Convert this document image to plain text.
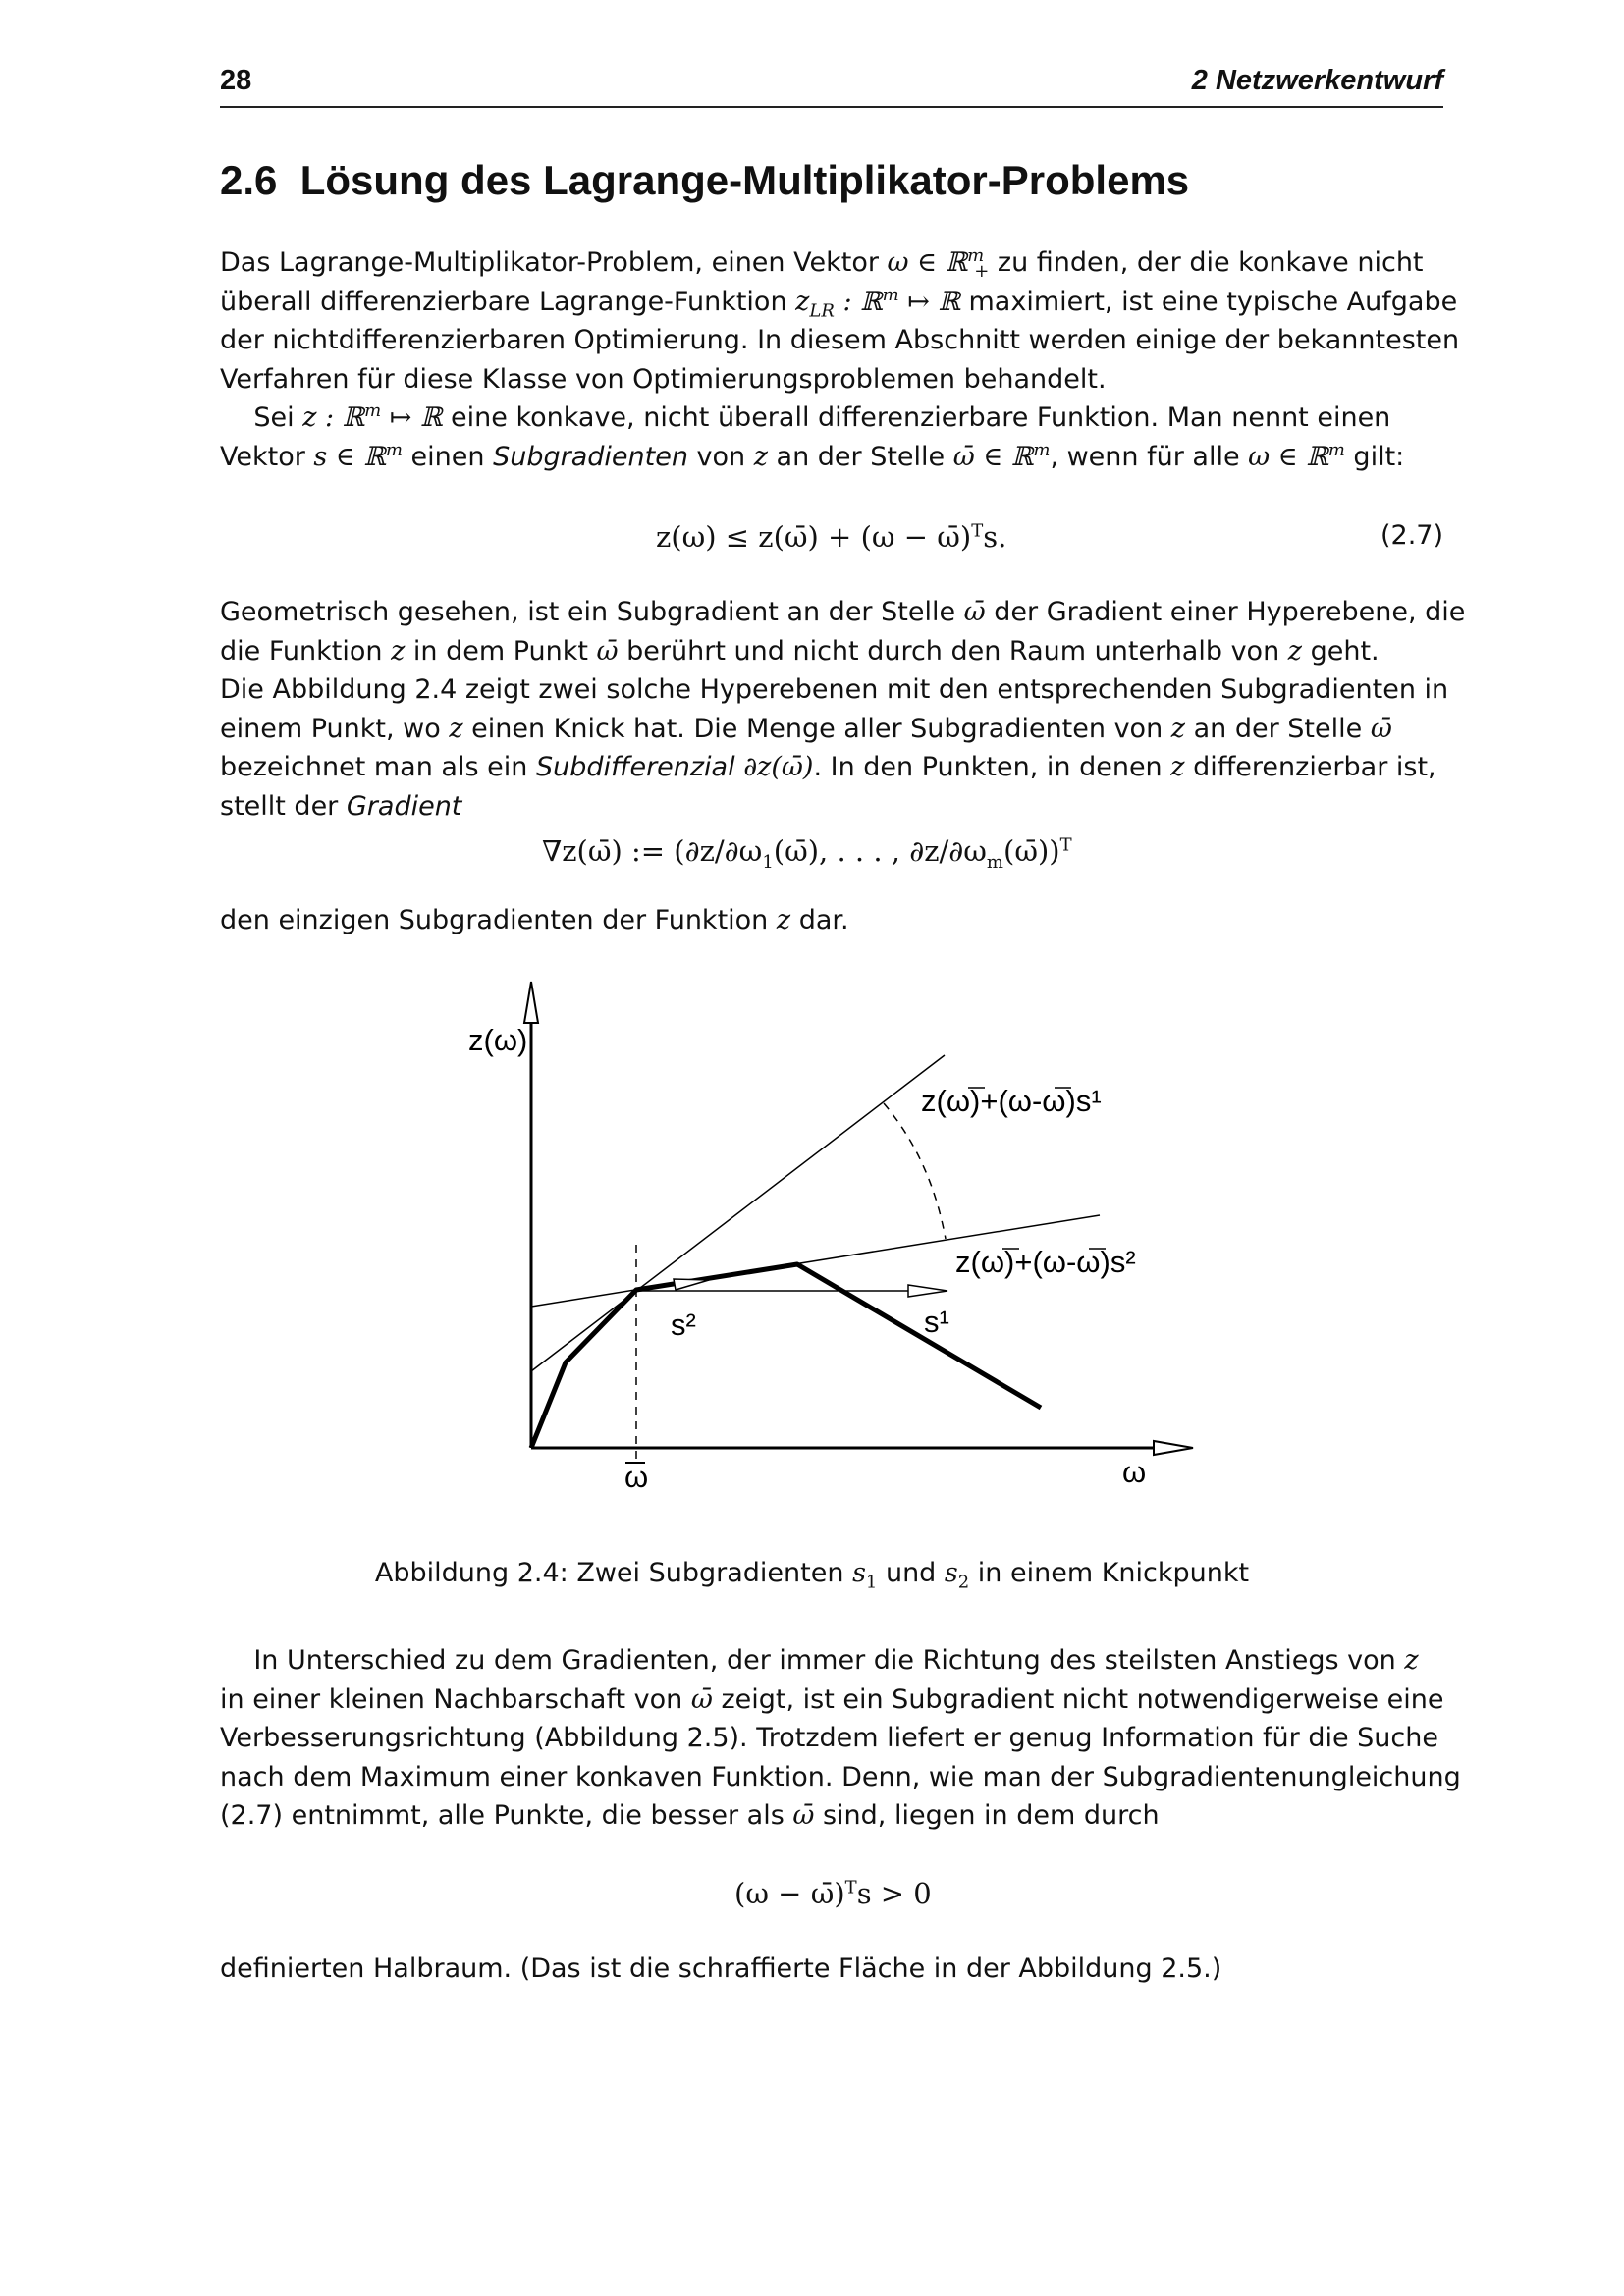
28	2 Netzwerkentwurf
2.6 Lösung des Lagrange-Multiplikator-Problems
Das Lagrange-Multiplikator-Problem, einen Vektor ω ∈ ℝ$^m_+$ zu finden, der die konkave nicht
überall differenzierbare Lagrange-Funktion $z_{LR}$ : ℝ$^m$ ↦ ℝ maximiert, ist eine typische Aufgabe
der nichtdifferenzierbaren Optimierung. In diesem Abschnitt werden einige der bekanntesten
Verfahren für diese Klasse von Optimierungsproblemen behandelt.
Sei z : ℝ$^m$ ↦ ℝ eine konkave, nicht überall differenzierbare Funktion. Man nennt einen
Vektor s ∈ ℝ$^m$ einen Subgradienten von z an der Stelle ω̄ ∈ ℝ$^m$, wenn für alle ω ∈ ℝ$^m$ gilt:
z(ω) ≤ z(ω̄) + (ω − ω̄)$^T$s.	(2.7)
Geometrisch gesehen, ist ein Subgradient an der Stelle ω̄ der Gradient einer Hyperebene, die
die Funktion z in dem Punkt ω̄ berührt und nicht durch den Raum unterhalb von z geht.
Die Abbildung 2.4 zeigt zwei solche Hyperebenen mit den entsprechenden Subgradienten in
einem Punkt, wo z einen Knick hat. Die Menge aller Subgradienten von z an der Stelle ω̄
bezeichnet man als ein Subdifferenzial ∂z(ω̄). In den Punkten, in denen z differenzierbar ist,
stellt der Gradient
∇z(ω̄) := ($\partial z/\partial\omega_1(\omegā)$, . . . , $\partial z/\partial\omega_m(\omegā))^T$
den einzigen Subgradienten der Funktion z dar.
z(ω)
ω
ω
z(ω)+(ω-ω)s¹
z(ω)+(ω-ω)s²
s²	s¹
Abbildung 2.4: Zwei Subgradienten $s_1$ und $s_2$ in einem Knickpunkt
In Unterschied zu dem Gradienten, der immer die Richtung des steilsten Anstiegs von z
in einer kleinen Nachbarschaft von ω̄ zeigt, ist ein Subgradient nicht notwendigerweise eine
Verbesserungsrichtung (Abbildung 2.5). Trotzdem liefert er genug Information für die Suche
nach dem Maximum einer konkaven Funktion. Denn, wie man der Subgradientenungleichung
(2.7) entnimmt, alle Punkte, die besser als ω̄ sind, liegen in dem durch
(ω − ω̄)$^T$s > 0
definierten Halbraum. (Das ist die schraffierte Fläche in der Abbildung 2.5.)
